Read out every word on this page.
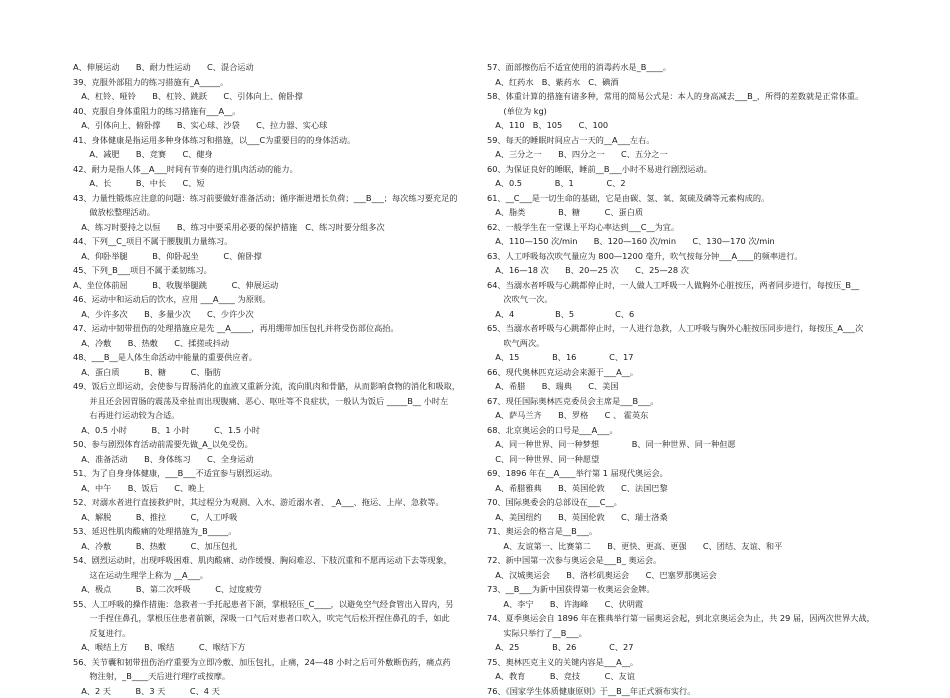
A、伸展运动　　B、耐力性运动　　C、混合运动
39、克服外部阻力的练习措施有_A_____。
　A、杠铃、哑铃　　B、杠铃、跳跃　　C、引体向上、俯卧撑
40、克服自身体重阻力的练习措施有___A__。
　A、引体向上、俯卧撑　　B、实心球、沙袋　　C、拉力器、实心球
41、身体健康是指运用多种身体练习和措施，以___C为重要目的的身体活动。
　　A、减肥　　B、竞赛　　C、健身
42、耐力是指人体__A___时间有节奏的进行肌肉活动的能力。
　　A、长　　　B、中长　　C、短
43、力量性锻炼应注意的问题：练习前要做好准备活动；循序渐进增长负荷；___B___；每次练习要充足的
　　做放松整理活动。
　A、练习时要持之以恒　　B、练习中要采用必要的保护措施　C、练习时要分组多次
44、下列__C_项目不属于腰腹肌力量练习。
　A、仰卧举腿　　　B、仰卧起坐　　　C、俯卧撑
45、下列_B___项目不属于柔韧练习。
A、坐位体前屈　　　B、收腹举腿跳　　　C、伸展运动
46、运动中和运动后的饮水，应用 ___A____ 为原则。
　A、少许多次　　B、多量少次　　C、少许少次
47、运动中韧带扭伤的处理措施应是先 __A_____，再用绷带加压包扎并将受伤部位高抬。
　A、冷敷　　B、热敷　　C、揉搓或抖动
48、___B__是人体生命活动中能量的重要供应者。
　A、蛋白质　　　B、糖　　　C、脂肪
49、饭后立即运动，会使参与胃肠消化的血液又重新分流，流向肌肉和骨骼，从而影响食物的消化和吸取，
　　并且还会因胃肠的震荡及牵扯而出现腹痛、恶心、呕吐等不良症状，一般认为饭后 _____B__ 小时左
　　右再进行运动较为合适。
　A、0.5 小时　　　B、1 小时　　　C、1.5 小时
50、参与剧烈体育活动前需要先做_A_以免受伤。
　A、准备活动　　B、身体练习　　C、全身运动
51、为了自身身体健康，___B___不适宜参与剧烈运动。
　A、中午　　B、饭后　　C、晚上
52、对溺水者进行直接救护时，其过程分为观测、入水、游近溺水者、 _A___、拖运、上岸、急救等。
　A、解脱　　　B、推拉　　　C，人工呼吸
53、延迟性肌肉酸痛的处理措施为_B_____。
　A、冷敷　　　B、热敷　　　C、加压包扎
54、剧烈运动时，出现呼吸困难、肌肉酸痛、动作缓慢、胸闷难忍、下肢沉重和不愿再运动下去等现象，
　　这在运动生理学上称为 __A___。
　A、极点　　　B、第二次呼吸　　　C、过度疲劳
55、人工呼吸的操作措施：急救者一手托起患者下颌，掌根轻压_C____，以避免空气经食管出入胃内，另
　　一手捏住鼻孔，掌根压住患者前额，深吸一口气后对患者口吹入，吹完气后松开捏住鼻孔的手，如此
　　反复进行。
　A、喉结上方　　B、喉结　　　C、喉结下方
56、关节囊和韧带扭伤治疗重要为立即冷敷、加压包扎，止痛，24—48 小时之后可外敷断伤药，痛点药
　　物注射，_B____天后进行理疗或按摩。
　A、2 天　　　B、3 天　　　C、4 天
57、面部擦伤后不适宜使用的消毒药水是_B____。
　A、红药水　B、紫药水　C、碘酒
58、体重计算的措施有诸多种，常用的简易公式是：本人的身高减去___B_，所得的差数就是正常体重。
　　(单位为 kg)
　A、110　B、105　　C、100
59、每天的睡眠时间应占一天的__A___左右。
　A、三分之一　　B、四分之一　　C、五分之一
60、为保证良好的睡眠，睡前__B___小时不易进行剧烈运动。
　A、0.5　　　　B、1　　　　C、2
61、__C___是一切生命的基础，它是由碳、氢、氧、氮硫及磷等元素构成的。
　A、脂类　　　　B、糖　　　C、蛋白质
62、一般学生在一堂课上平均心率达到___C__为宜。
　A、110—150 次/min　　B、120—160 次/min　　C、130—170 次/min
63、人工呼吸每次吹气量应为 800—1200 毫升，吹气按每分钟___A____的频率进行。
　A、16—18 次　　B、20—25 次　　C、25—28 次
64、当溺水者呼吸与心跳都停止时，一人做人工呼吸一人做胸外心脏按压，两者同步进行，每按压_B__
　　次吹气一次。
　A、4　　　　　B、5　　　　　C、6
65、当溺水者呼吸与心跳都停止时，一人进行急救，人工呼吸与胸外心脏按压同步进行，每按压_A___次
　　吹气两次。
　A、15　　　　B、16　　　　C、17
66、现代奥林匹克运动会来源于___A__。
　A、希腊　　B、瑞典　　C、美国
67、现任国际奥林匹克委员会主席是___B___。
　A、萨马兰齐　　B、罗格　　C 、 霍英东
68、北京奥运会的口号是___A___。
　A、同一种世界、同一种梦想　　　　B、同一种世界、同一种但愿
　C、同一种世界、同一种愿望
69、1896 年在__A____举行第 1 届现代奥运会。
　A、希腊雅典　　B、英国伦敦　　C、法国巴黎
70、国际奥委会的总部设在___C__。
　A、美国纽约　　B、英国伦敦　　C、瑞士洛桑
71、奥运会的格言是__B___。
　　A、友谊第一、比赛第二　　B、更快、更高、更强　　C、团结、友谊、和平
72、新中国第一次参与奥运会是___B_ 奥运会。
　A、汉城奥运会　　B、洛杉矶奥运会　　C、巴塞罗那奥运会
73、__B___为新中国获得第一枚奥运会金牌。
　　A、李宁　　B、许海峰　　C、伏明霞
74、夏季奥运会自 1896 年在雅典举行第一届奥运会起，到北京奥运会为止，共 29 届，因两次世界大战，
　　实际只举行了__B___。
　A、25　　　　B、26　　　　C、27
75、奥林匹克主义的关键内容是___A__。
　A、教育　　　B、竞技　　　C、友谊
76、《国家学生体质健康原则》于__B__年正式颁布实行。
